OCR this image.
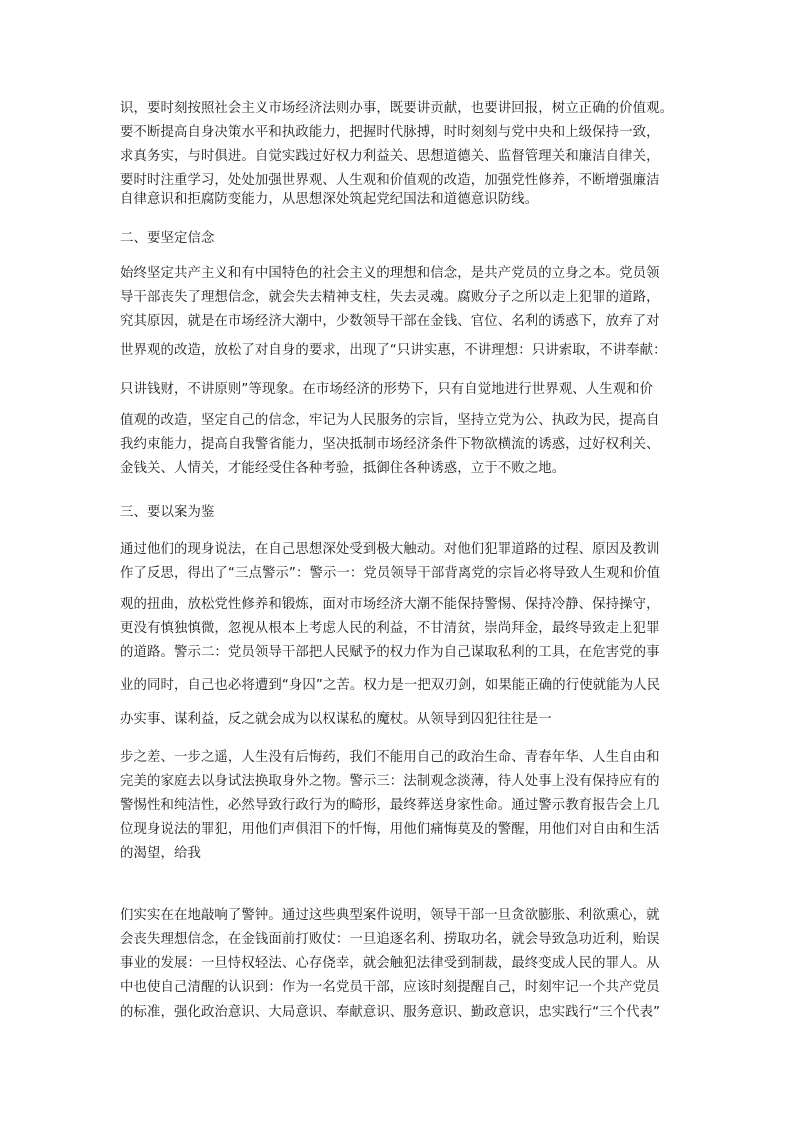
识，要时刻按照社会主义市场经济法则办事，既要讲贡献，也要讲回报，树立正确的价值观。
要不断提高自身决策水平和执政能力，把握时代脉搏，时时刻刻与党中央和上级保持一致，
求真务实，与时俱进。自觉实践过好权力利益关、思想道德关、监督管理关和廉洁自律关，
要时时注重学习，处处加强世界观、人生观和价值观的改造，加强党性修养，不断增强廉洁
自律意识和拒腐防变能力，从思想深处筑起党纪国法和道德意识防线。
二、要坚定信念
始终坚定共产主义和有中国特色的社会主义的理想和信念，是共产党员的立身之本。党员领
导干部丧失了理想信念，就会失去精神支柱，失去灵魂。腐败分子之所以走上犯罪的道路，
究其原因，就是在市场经济大潮中，少数领导干部在金钱、官位、名利的诱惑下，放弃了对
世界观的改造，放松了对自身的要求，出现了“只讲实惠，不讲理想：只讲索取，不讲奉献：
只讲钱财，不讲原则”等现象。在市场经济的形势下，只有自觉地进行世界观、人生观和价
值观的改造，坚定自己的信念，牢记为人民服务的宗旨，坚持立党为公、执政为民，提高自
我约束能力，提高自我警省能力，坚决抵制市场经济条件下物欲横流的诱惑，过好权利关、
金钱关、人情关，才能经受住各种考验，抵御住各种诱惑，立于不败之地。
三、要以案为鉴
通过他们的现身说法，在自己思想深处受到极大触动。对他们犯罪道路的过程、原因及教训
作了反思，得出了“三点警示”：警示一：党员领导干部背离党的宗旨必将导致人生观和价值
观的扭曲，放松党性修养和锻炼，面对市场经济大潮不能保持警惕、保持冷静、保持操守，
更没有慎独慎微，忽视从根本上考虑人民的利益，不甘清贫，崇尚拜金，最终导致走上犯罪
的道路。警示二：党员领导干部把人民赋予的权力作为自己谋取私利的工具，在危害党的事
业的同时，自己也必将遭到“身囚”之苦。权力是一把双刃剑，如果能正确的行使就能为人民
办实事、谋利益，反之就会成为以权谋私的魔杖。从领导到囚犯往往是一
步之差、一步之遥，人生没有后悔药，我们不能用自己的政治生命、青春年华、人生自由和
完美的家庭去以身试法换取身外之物。警示三：法制观念淡薄，待人处事上没有保持应有的
警惕性和纯洁性，必然导致行政行为的畸形，最终葬送身家性命。通过警示教育报告会上几
位现身说法的罪犯，用他们声俱泪下的忏悔，用他们痛悔莫及的警醒，用他们对自由和生活
的渴望，给我
们实实在在地敲响了警钟。通过这些典型案件说明，领导干部一旦贪欲膨胀、利欲熏心，就
会丧失理想信念，在金钱面前打败仗：一旦追逐名利、捞取功名，就会导致急功近利，贻误
事业的发展：一旦恃权轻法、心存侥幸，就会触犯法律受到制裁，最终变成人民的罪人。从
中也使自己清醒的认识到：作为一名党员干部，应该时刻提醒自己，时刻牢记一个共产党员
的标准，强化政治意识、大局意识、奉献意识、服务意识、勤政意识，忠实践行“三个代表”
